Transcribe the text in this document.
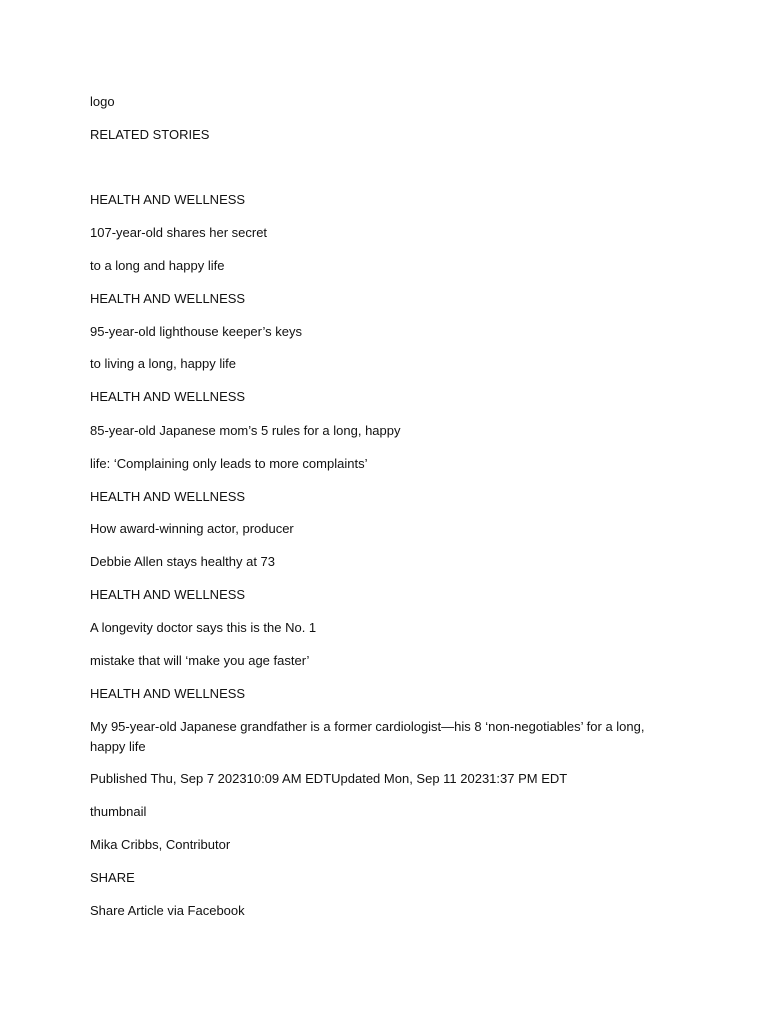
logo
RELATED STORIES
HEALTH AND WELLNESS
107-year-old shares her secret
to a long and happy life
HEALTH AND WELLNESS
95-year-old lighthouse keeper’s keys
to living a long, happy life
HEALTH AND WELLNESS
85-year-old Japanese mom’s 5 rules for a long, happy
life: ‘Complaining only leads to more complaints’
HEALTH AND WELLNESS
How award-winning actor, producer
Debbie Allen stays healthy at 73
HEALTH AND WELLNESS
A longevity doctor says this is the No. 1
mistake that will ‘make you age faster’
HEALTH AND WELLNESS
My 95-year-old Japanese grandfather is a former cardiologist—his 8 ‘non-negotiables’ for a long, happy life
Published Thu, Sep 7 202310:09 AM EDTUpdated Mon, Sep 11 20231:37 PM EDT
thumbnail
Mika Cribbs, Contributor
SHARE
Share Article via Facebook
